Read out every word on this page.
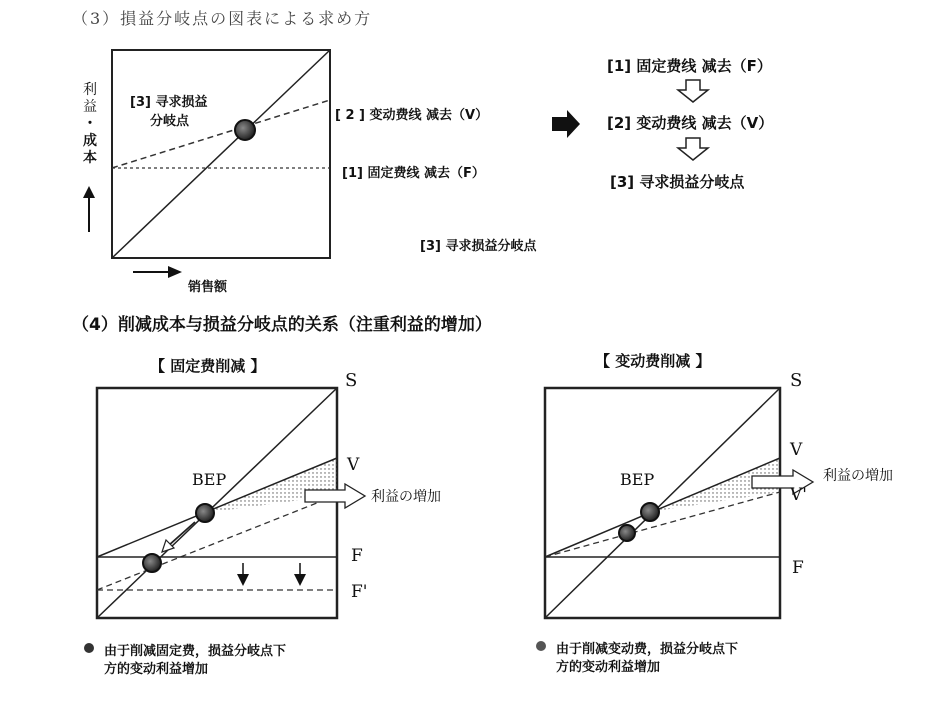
（3）損益分岐点の図表による求め方
利
益
・
成
本
销售额
[3] 寻求损益
分岐点	[ 2 ] 变动费线 减去（V）
[1] 固定费线 减去（F）
[3] 寻求损益分岐点
[1] 固定费线 减去（F）
[2] 变动费线 减去（V）
[3] 寻求损益分岐点
（4）削减成本与损益分岐点的关系（注重利益的增加）
【 固定费削减 】	【 变动费削减 】
S
V
BEP
利益の増加
F
F'
S
V
BEP	利益の増加
V'
F
由于削减固定费，损益分岐点下
方的变动利益增加
由于削减变动费，损益分岐点下
方的变动利益增加
